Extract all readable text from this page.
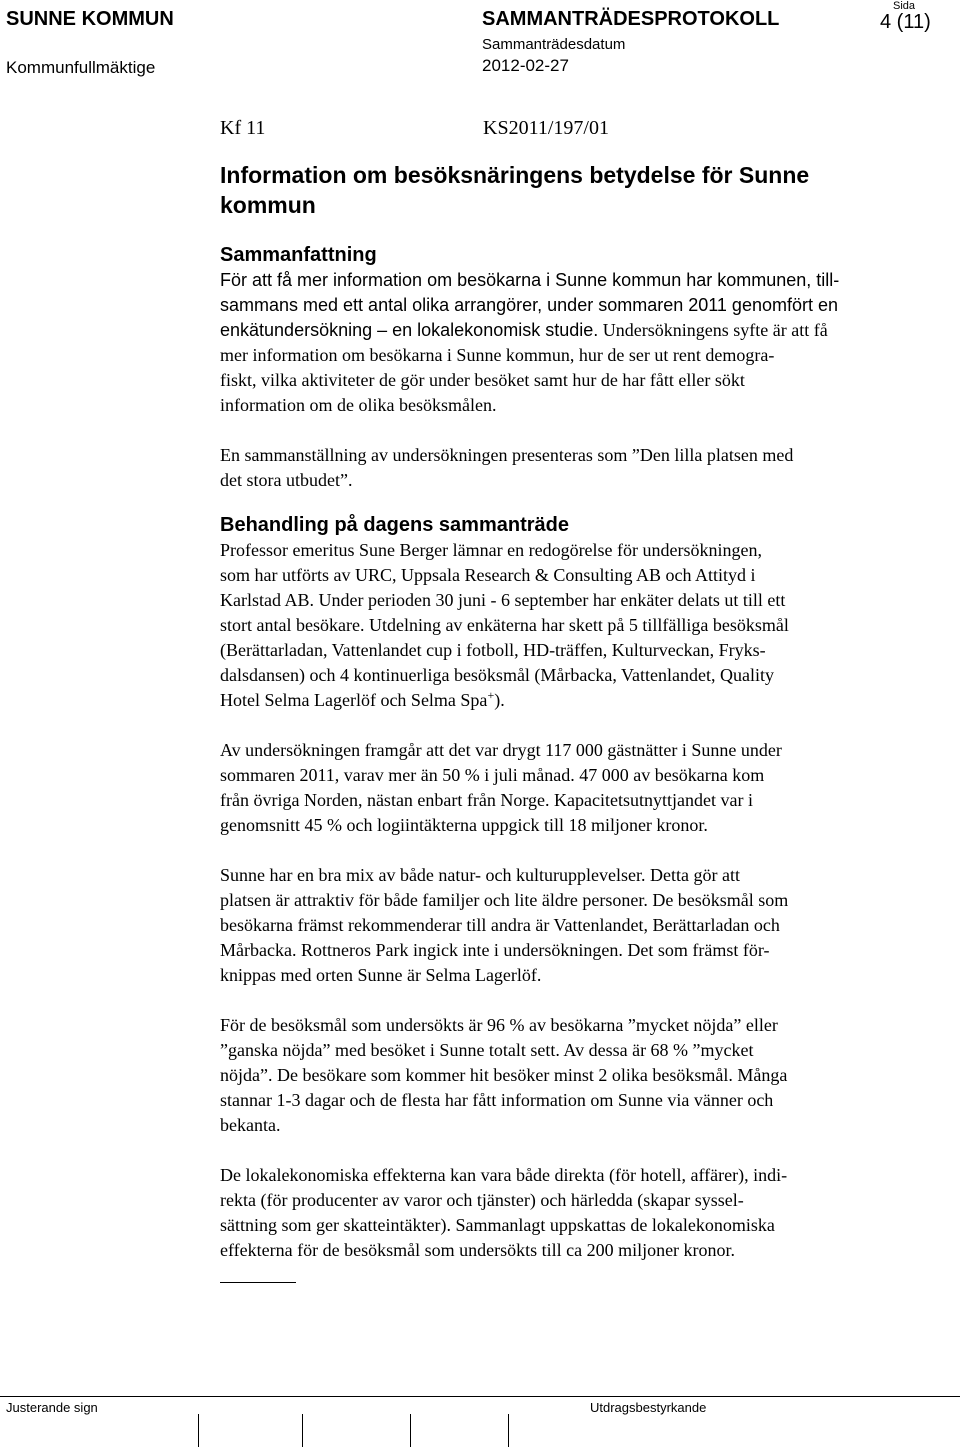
SUNNE KOMMUN
Kommunfullmäktige
SAMMANTRÄDESPROTOKOLL
Sammanträdesdatum
2012-02-27
Sida
4 (11)
Kf 11	KS2011/197/01
Information om besöksnäringens betydelse för Sunne
kommun
Sammanfattning
För att få mer information om besökarna i Sunne kommun har kommunen, till-
sammans med ett antal olika arrangörer, under sommaren 2011 genomfört en
enkätundersökning – en lokalekonomisk studie. Undersökningens syfte är att få
mer information om besökarna i Sunne kommun, hur de ser ut rent demogra-
fiskt, vilka aktiviteter de gör under besöket samt hur de har fått eller sökt
information om de olika besöksmålen.
En sammanställning av undersökningen presenteras som ”Den lilla platsen med
det stora utbudet”.
Behandling på dagens sammanträde
Professor emeritus Sune Berger lämnar en redogörelse för undersökningen,
som har utförts av URC, Uppsala Research & Consulting AB och Attityd i
Karlstad AB. Under perioden 30 juni - 6 september har enkäter delats ut till ett
stort antal besökare. Utdelning av enkäterna har skett på 5 tillfälliga besöksmål
(Berättarladan, Vattenlandet cup i fotboll, HD-träffen, Kulturveckan, Fryks-
dalsdansen) och 4 kontinuerliga besöksmål (Mårbacka, Vattenlandet, Quality
Hotel Selma Lagerlöf och Selma Spa+).
Av undersökningen framgår att det var drygt 117 000 gästnätter i Sunne under
sommaren 2011, varav mer än 50 % i juli månad. 47 000 av besökarna kom
från övriga Norden, nästan enbart från Norge. Kapacitetsutnyttjandet var i
genomsnitt 45 % och logiintäkterna uppgick till 18 miljoner kronor.
Sunne har en bra mix av både natur- och kulturupplevelser. Detta gör att
platsen är attraktiv för både familjer och lite äldre personer. De besöksmål som
besökarna främst rekommenderar till andra är Vattenlandet, Berättarladan och
Mårbacka. Rottneros Park ingick inte i undersökningen. Det som främst för-
knippas med orten Sunne är Selma Lagerlöf.
För de besöksmål som undersökts är 96 % av besökarna ”mycket nöjda” eller
”ganska nöjda” med besöket i Sunne totalt sett. Av dessa är 68 % ”mycket
nöjda”. De besökare som kommer hit besöker minst 2 olika besöksmål. Många
stannar 1-3 dagar och de flesta har fått information om Sunne via vänner och
bekanta.
De lokalekonomiska effekterna kan vara både direkta (för hotell, affärer), indi-
rekta (för producenter av varor och tjänster) och härledda (skapar syssel-
sättning som ger skatteintäkter). Sammanlagt uppskattas de lokalekonomiska
effekterna för de besöksmål som undersökts till ca 200 miljoner kronor.
Justerande sign	Utdragsbestyrkande
